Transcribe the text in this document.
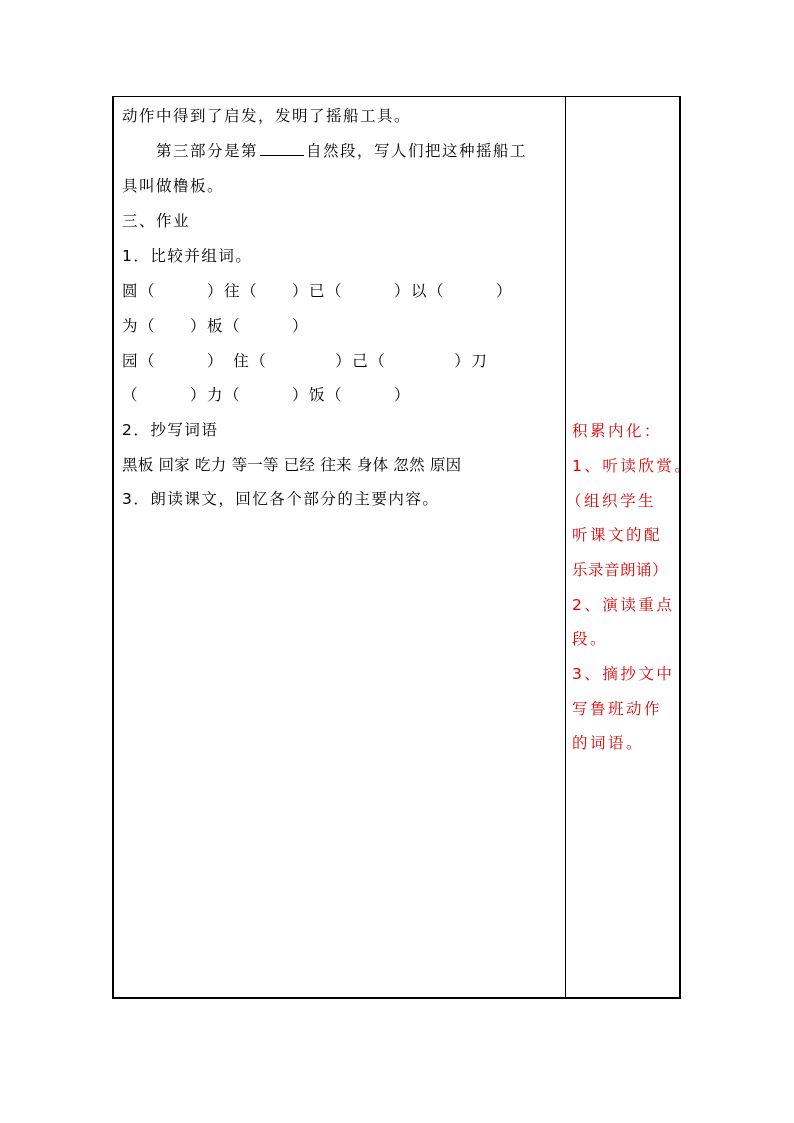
动作中得到了启发，发明了摇船工具。
第三部分是第	自然段，写人们把这种摇船工
具叫做橹板。
三、作业
1．比较并组词。
圆（　　　）往（　　）已（　　　）以（　　　）
为（　　）板（　　　）
园（　　　）　住（　　　　）己（　　　　）刀
（　　　）力（　　　）饭（　　　）
2．抄写词语
黑板 回家 吃力 等一等 已经 往来 身体 忽然 原因
3．朗读课文，回忆各个部分的主要内容。
积累内化：
1、听读欣赏。
（组织学生
听课文的配
乐录音朗诵）
2、演读重点
段。
3、摘抄文中
写鲁班动作
的词语。
